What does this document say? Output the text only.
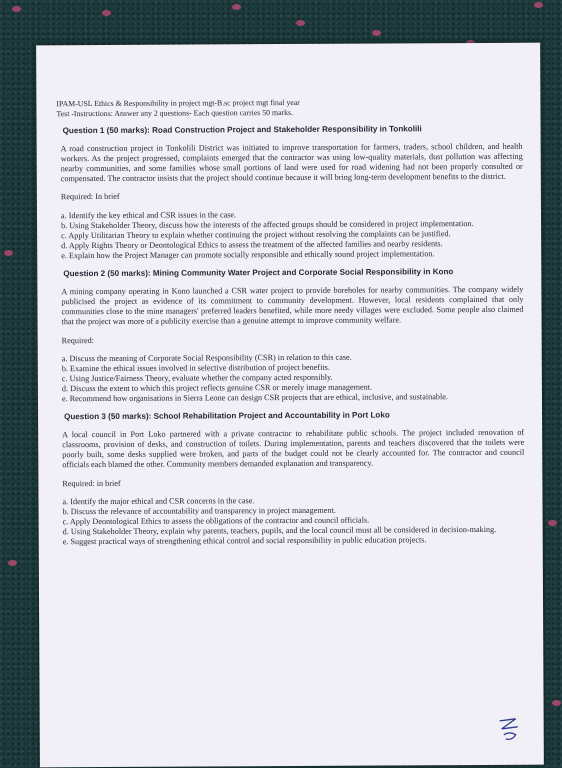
IPAM-USL Ethics & Responsibility in project mgt-B.sc project mgt final year
Test -Instructions: Answer any 2 questions- Each question carries 50 marks.
Question 1 (50 marks): Road Construction Project and Stakeholder Responsibility in Tonkolili
A road construction project in Tonkolili District was initiated to improve transportation for farmers, traders, school children, and health workers. As the project progressed, complaints emerged that the contractor was using low-quality materials, dust pollution was affecting nearby communities, and some families whose small portions of land were used for road widening had not been properly consulted or compensated. The contractor insists that the project should continue because it will bring long-term development benefits to the district.
Required: In brief
a. Identify the key ethical and CSR issues in the case.
b. Using Stakeholder Theory, discuss how the interests of the affected groups should be considered in project implementation.
c. Apply Utilitarian Theory to explain whether continuing the project without resolving the complaints can be justified.
d. Apply Rights Theory or Deontological Ethics to assess the treatment of the affected families and nearby residents.
e. Explain how the Project Manager can promote socially responsible and ethically sound project implementation.
Question 2 (50 marks): Mining Community Water Project and Corporate Social Responsibility in Kono
A mining company operating in Kono launched a CSR water project to provide boreholes for nearby communities. The company widely publicised the project as evidence of its commitment to community development. However, local residents complained that only communities close to the mine managers' preferred leaders benefited, while more needy villages were excluded. Some people also claimed that the project was more of a publicity exercise than a genuine attempt to improve community welfare.
Required:
a. Discuss the meaning of Corporate Social Responsibility (CSR) in relation to this case.
b. Examine the ethical issues involved in selective distribution of project benefits.
c. Using Justice/Fairness Theory, evaluate whether the company acted responsibly.
d. Discuss the extent to which this project reflects genuine CSR or merely image management.
e. Recommend how organisations in Sierra Leone can design CSR projects that are ethical, inclusive, and sustainable.
Question 3 (50 marks): School Rehabilitation Project and Accountability in Port Loko
A local council in Port Loko partnered with a private contractor to rehabilitate public schools. The project included renovation of classrooms, provision of desks, and construction of toilets. During implementation, parents and teachers discovered that the toilets were poorly built, some desks supplied were broken, and parts of the budget could not be clearly accounted for. The contractor and council officials each blamed the other. Community members demanded explanation and transparency.
Required: in brief
a. Identify the major ethical and CSR concerns in the case.
b. Discuss the relevance of accountability and transparency in project management.
c. Apply Deontological Ethics to assess the obligations of the contractor and council officials.
d. Using Stakeholder Theory, explain why parents, teachers, pupils, and the local council must all be considered in decision-making.
e. Suggest practical ways of strengthening ethical control and social responsibility in public education projects.
